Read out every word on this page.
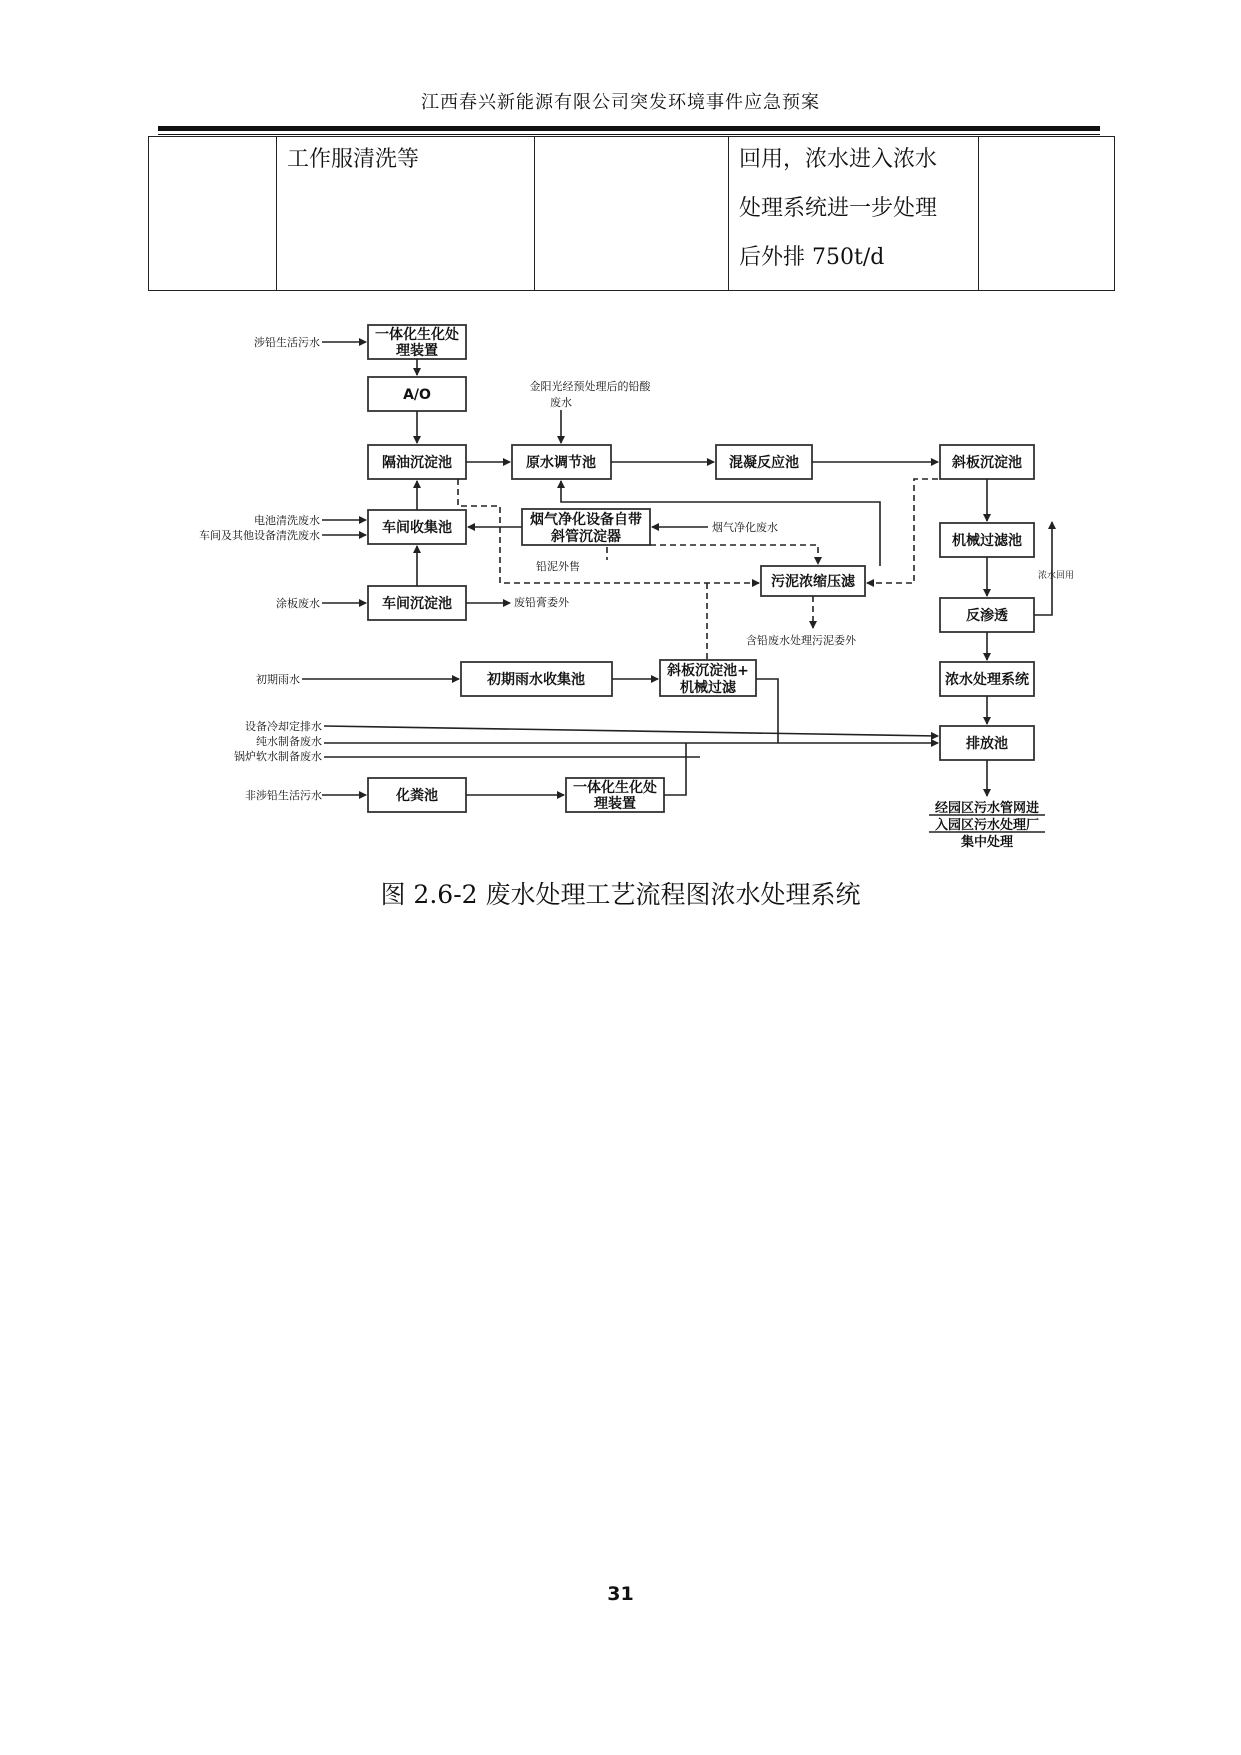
江西春兴新能源有限公司突发环境事件应急预案

工作服清洗等		回用，浓水进入浓水
处理系统进一步处理
后外排 750t/d

一体化生化处
理装置
A/O
隔油沉淀池	原水调节池	混凝反应池	斜板沉淀池
车间收集池	烟气净化设备自带
斜管沉淀器	机械过滤池
污泥浓缩压滤
车间沉淀池
反渗透
初期雨水收集池
斜板沉淀池+
机械过滤	浓水处理系统
排放池
化粪池	一体化生化处
理装置
涉铅生活污水
金阳光经预处理后的铅酸
废水
电池清洗废水
车间及其他设备清洗废水
烟气净化废水
涂板废水
初期雨水
设备冷却定排水
纯水制备废水
锅炉软水制备废水
非涉铅生活污水
铅泥外售
废铅膏委外
含铅废水处理污泥委外
浓水回用
经园区污水管网进
入园区污水处理厂
集中处理
图 2.6-2 废水处理工艺流程图浓水处理系统
31
